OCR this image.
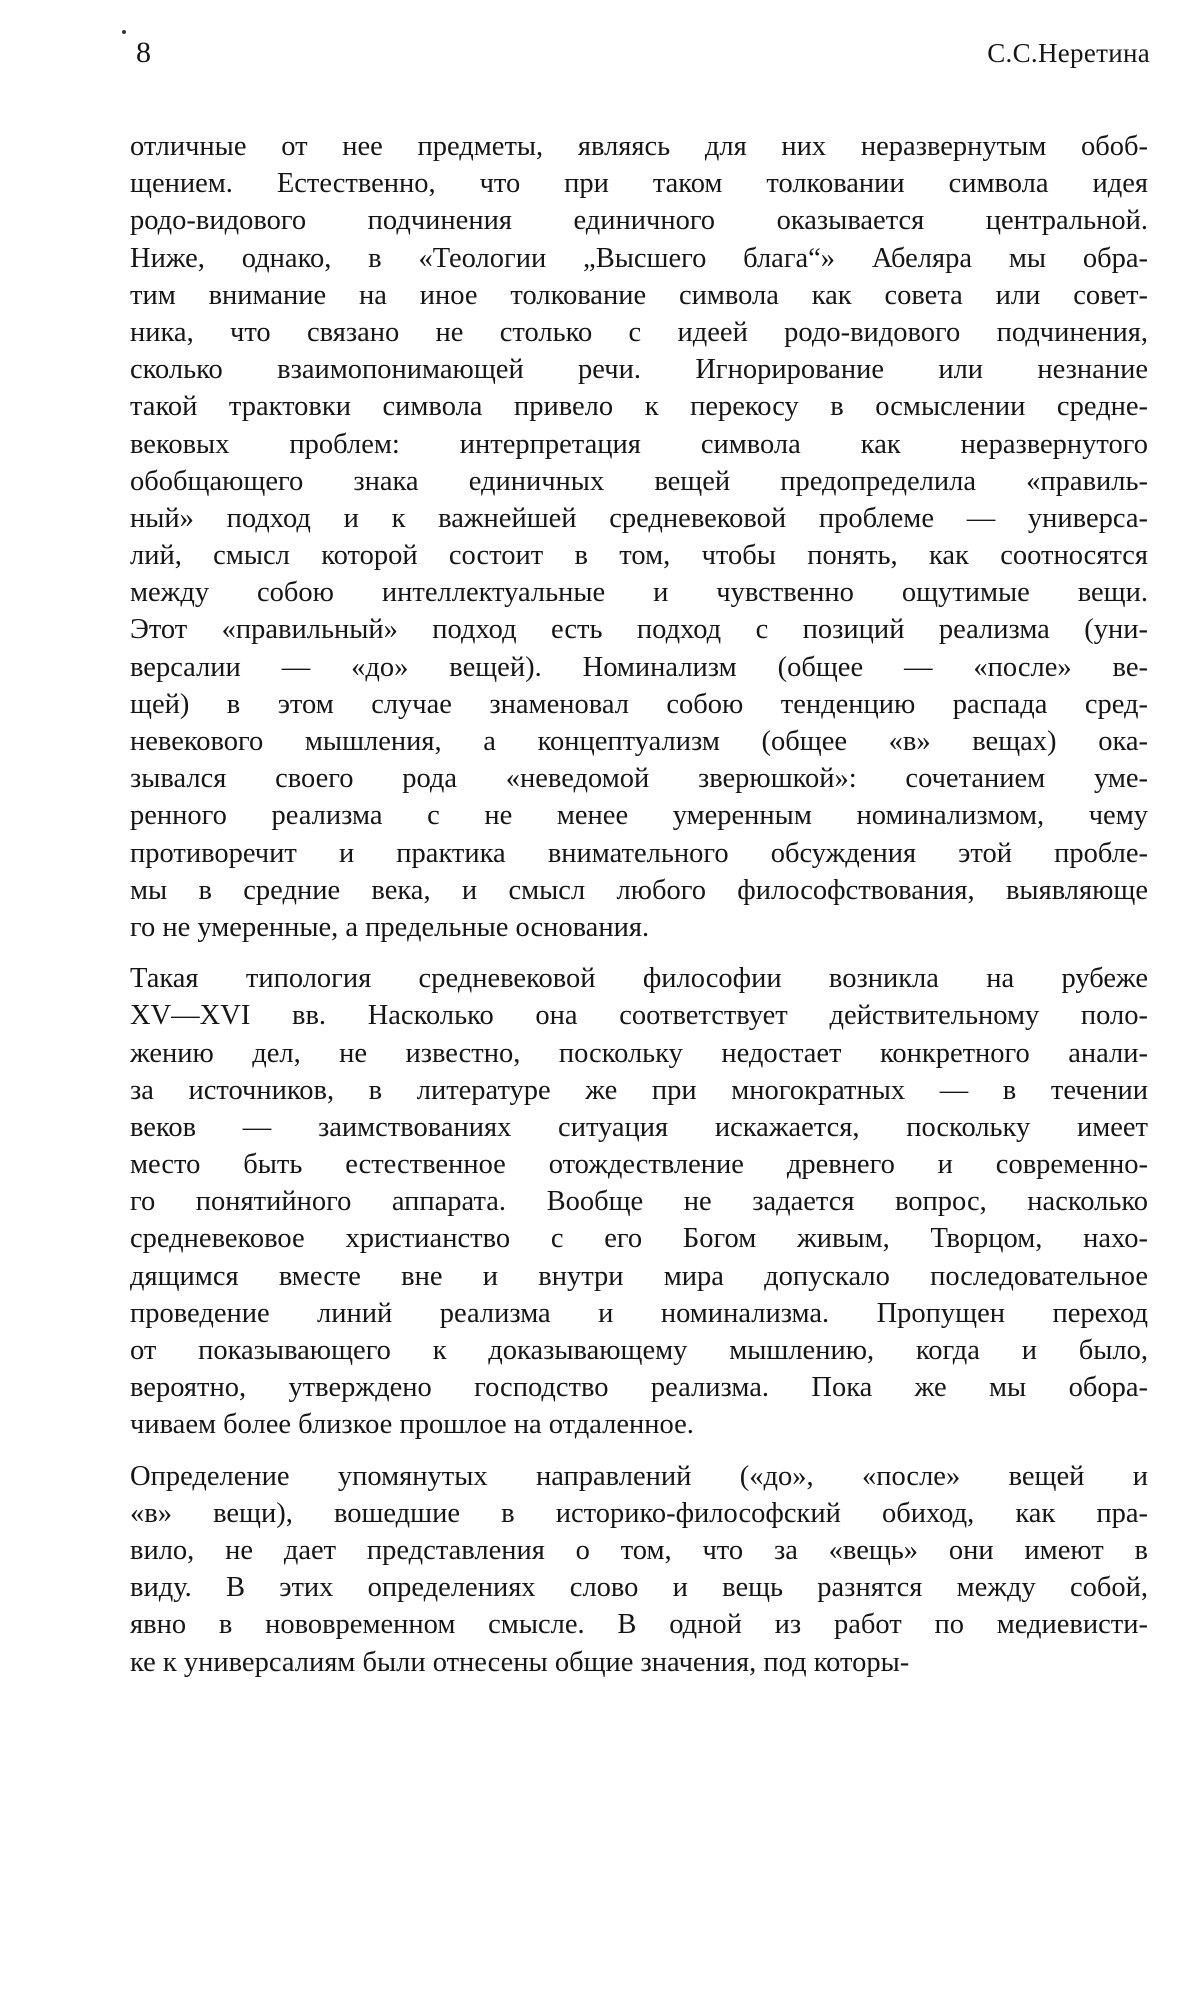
8	С.С.Неретина
отличные от нее предметы, являясь для них неразвернутым обоб-
щением. Естественно, что при таком толковании символа идея
родо-видового подчинения единичного оказывается центральной.
Ниже, однако, в «Теологии „Высшего блага“» Абеляра мы обра-
тим внимание на иное толкование символа как совета или совет-
ника, что связано не столько с идеей родо-видового подчинения,
сколько взаимопонимающей речи. Игнорирование или незнание
такой трактовки символа привело к перекосу в осмыслении средне-
вековых проблем: интерпретация символа как неразвернутого
обобщающего знака единичных вещей предопределила «правиль-
ный» подход и к важнейшей средневековой проблеме — универса-
лий, смысл которой состоит в том, чтобы понять, как соотносятся
между собою интеллектуальные и чувственно ощутимые вещи.
Этот «правильный» подход есть подход с позиций реализма (уни-
версалии — «до» вещей). Номинализм (общее — «после» ве-
щей) в этом случае знаменовал собою тенденцию распада сред-
невекового мышления, а концептуализм (общее «в» вещах) ока-
зывался своего рода «неведомой зверюшкой»: сочетанием уме-
ренного реализма с не менее умеренным номинализмом, чему
противоречит и практика внимательного обсуждения этой пробле-
мы в средние века, и смысл любого философствования, выявляюще
го не умеренные, а предельные основания.
Такая типология средневековой философии возникла на рубеже
XV—XVI вв. Насколько она соответствует действительному поло-
жению дел, не известно, поскольку недостает конкретного анали-
за источников, в литературе же при многократных — в течении
веков — заимствованиях ситуация искажается, поскольку имеет
место быть естественное отождествление древнего и современно-
го понятийного аппарата. Вообще не задается вопрос, насколько
средневековое христианство с его Богом живым, Творцом, нахо-
дящимся вместе вне и внутри мира допускало последовательное
проведение линий реализма и номинализма. Пропущен переход
от показывающего к доказывающему мышлению, когда и было,
вероятно, утверждено господство реализма. Пока же мы обора-
чиваем более близкое прошлое на отдаленное.
Определение упомянутых направлений («до», «после» вещей и
«в» вещи), вошедшие в историко-философский обиход, как пра-
вило, не дает представления о том, что за «вещь» они имеют в
виду. В этих определениях слово и вещь разнятся между собой,
явно в нововременном смысле. В одной из работ по медиевисти-
ке к универсалиям были отнесены общие значения, под которы-
